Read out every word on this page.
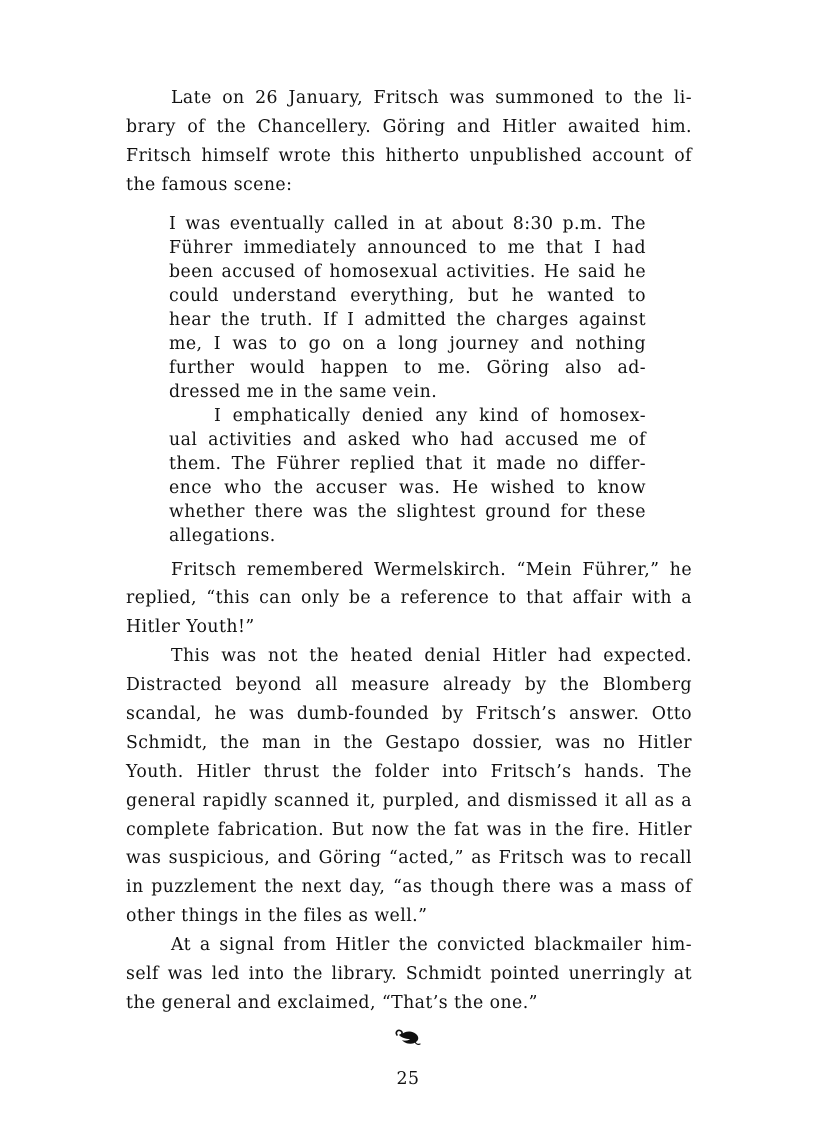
Late on 26 January, Fritsch was summoned to the li-
brary of the Chancellery. Göring and Hitler awaited him.
Fritsch himself wrote this hitherto unpublished account of
the famous scene:
I was eventually called in at about 8:30 p.m. The
Führer immediately announced to me that I had
been accused of homosexual activities. He said he
could understand everything, but he wanted to
hear the truth. If I admitted the charges against
me, I was to go on a long journey and nothing
further would happen to me. Göring also ad-
dressed me in the same vein.
I emphatically denied any kind of homosex-
ual activities and asked who had accused me of
them. The Führer replied that it made no differ-
ence who the accuser was. He wished to know
whether there was the slightest ground for these
allegations.
Fritsch remembered Wermelskirch. “Mein Führer,” he
replied, “this can only be a reference to that affair with a
Hitler Youth!”
This was not the heated denial Hitler had expected.
Distracted beyond all measure already by the Blomberg
scandal, he was dumb-founded by Fritsch’s answer. Otto
Schmidt, the man in the Gestapo dossier, was no Hitler
Youth. Hitler thrust the folder into Fritsch’s hands. The
general rapidly scanned it, purpled, and dismissed it all as a
complete fabrication. But now the fat was in the fire. Hitler
was suspicious, and Göring “acted,” as Fritsch was to recall
in puzzlement the next day, “as though there was a mass of
other things in the files as well.”
At a signal from Hitler the convicted blackmailer him-
self was led into the library. Schmidt pointed unerringly at
the general and exclaimed, “That’s the one.”
25
